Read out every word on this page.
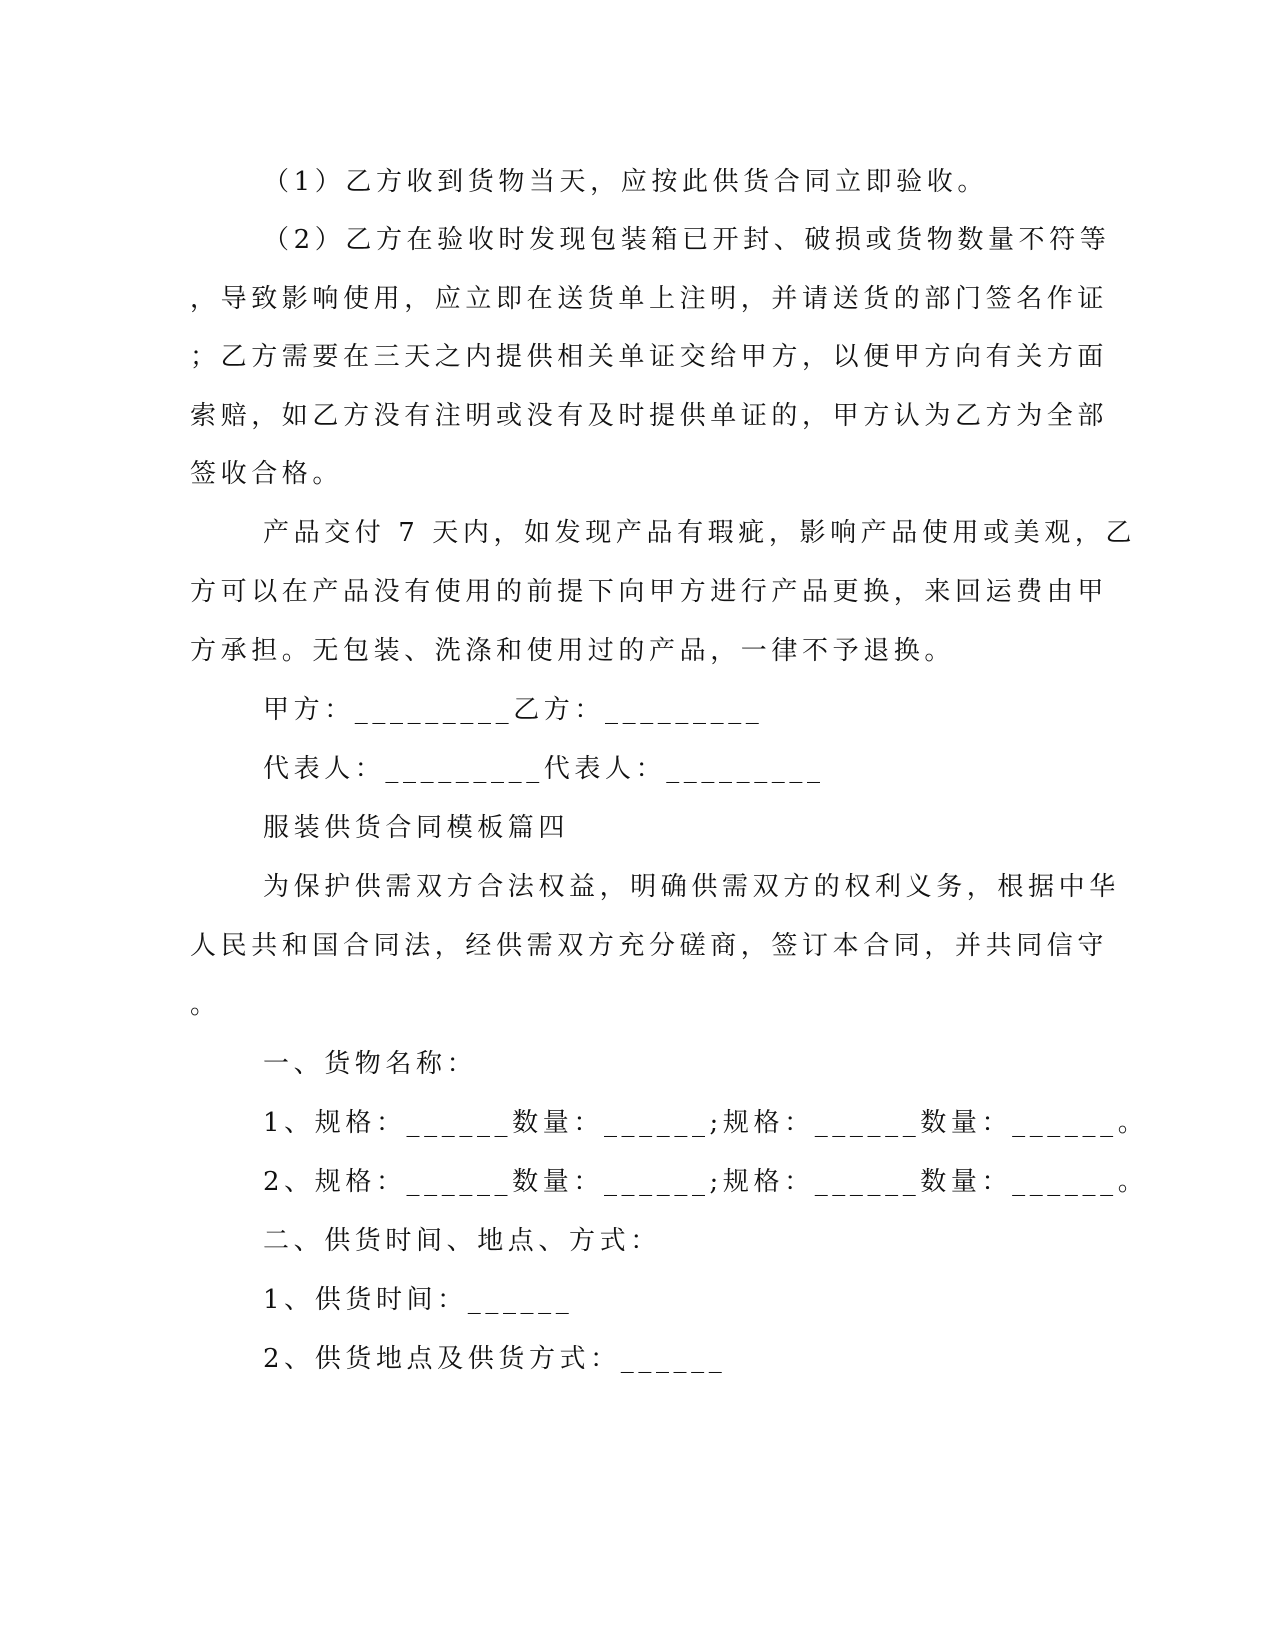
（1）乙方收到货物当天，应按此供货合同立即验收。
（2）乙方在验收时发现包装箱已开封、破损或货物数量不符等
，导致影响使用，应立即在送货单上注明，并请送货的部门签名作证
；乙方需要在三天之内提供相关单证交给甲方，以便甲方向有关方面
索赔，如乙方没有注明或没有及时提供单证的，甲方认为乙方为全部
签收合格。
产品交付 7 天内，如发现产品有瑕疵，影响产品使用或美观，乙
方可以在产品没有使用的前提下向甲方进行产品更换，来回运费由甲
方承担。无包装、洗涤和使用过的产品，一律不予退换。
甲方：_________乙方：_________
代表人：_________代表人：_________
服装供货合同模板篇四
为保护供需双方合法权益，明确供需双方的权利义务，根据中华
人民共和国合同法，经供需双方充分磋商，签订本合同，并共同信守
。
一、货物名称：
1、规格：______数量：______;规格：______数量：______。
2、规格：______数量：______;规格：______数量：______。
二、供货时间、地点、方式：
1、供货时间：______
2、供货地点及供货方式：______
